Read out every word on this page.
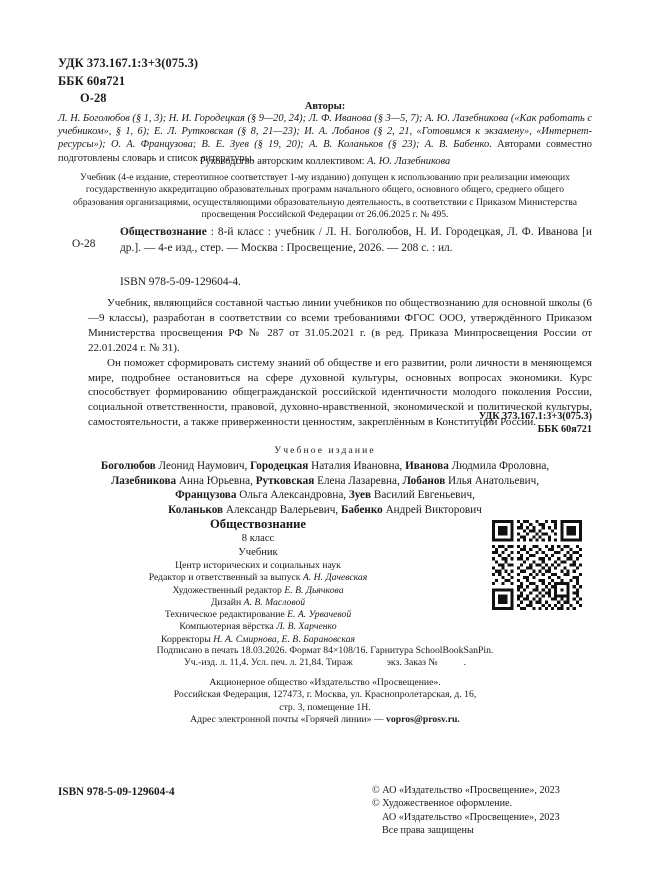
УДК 373.167.1:3+3(075.3)
ББК 60я721
О-28
Авторы:
Л. Н. Боголюбов (§ 1, 3); Н. И. Городецкая (§ 9—20, 24); Л. Ф. Иванова (§ 3—5, 7); А. Ю. Лазебникова («Как работать с учебником», § 1, 6); Е. Л. Рутковская (§ 8, 21—23); И. А. Лобанов (§ 2, 21, «Готовимся к экзамену», «Интернет-ресурсы»); О. А. Французова; В. Е. Зуев (§ 19, 20); А. В. Коланьков (§ 23); А. В. Бабенко. Авторами совместно подготовлены словарь и список литературы.
Руководство авторским коллективом: А. Ю. Лазебникова
Учебник (4-е издание, стереотипное соответствует 1-му изданию) допущен к использованию при реализации имеющих государственную аккредитацию образовательных программ начального общего, основного общего, среднего общего образования организациями, осуществляющими образовательную деятельность, в соответствии с Приказом Министерства просвещения Российской Федерации от 26.06.2025 г. № 495.
О-28
Обществознание : 8-й класс : учебник / Л. Н. Боголюбов, Н. И. Городецкая, Л. Ф. Иванова [и др.]. — 4-е изд., стер. — Москва : Просвещение, 2026. — 208 с. : ил.
ISBN 978-5-09-129604-4.

Учебник, являющийся составной частью линии учебников по обществознанию для основной школы (6—9 классы), разработан в соответствии со всеми требованиями ФГОС ООО, утверждённого Приказом Министерства просвещения РФ № 287 от 31.05.2021 г. (в ред. Приказа Минпросвещения России от 22.01.2024 г. № 31).

Он поможет сформировать систему знаний об обществе и его развитии, роли личности в меняющемся мире, подробнее остановиться на сфере духовной культуры, основных вопросах экономики. Курс способствует формированию общегражданской российской идентичности молодого поколения России, социальной ответственности, правовой, духовно-нравственной, экономической и политической культуры, самостоятельности, а также приверженности ценностям, закреплённым в Конституции России.

УДК 373.167.1:3+3(075.3)
ББК 60я721
Учебное издание
Боголюбов Леонид Наумович, Городецкая Наталия Ивановна, Иванова Людмила Фроловна,
Лазебникова Анна Юрьевна, Рутковская Елена Лазаревна, Лобанов Илья Анатольевич,
Французова Ольга Александровна, Зуев Василий Евгеньевич,
Коланьков Александр Валерьевич, Бабенко Андрей Викторович
Обществознание
8 класс
Учебник
Центр исторических и социальных наук
Редактор и ответственный за выпуск А. Н. Дачевская
Художественный редактор Е. В. Дьячкова
Дизайн А. В. Масловой
Техническое редактирование Е. А. Урвачевой
Компьютерная вёрстка Л. В. Харченко
Корректоры Н. А. Смирнова, Е. В. Барановская
Подписано в печать 18.03.2026. Формат 84×108/16. Гарнитура SchoolBookSanPin.
Уч.-изд. л. 11,4. Усл. печ. л. 21,84. Тираж	экз. Заказ №	.
Акционерное общество «Издательство «Просвещение».
Российская Федерация, 127473, г. Москва, ул. Краснопролетарская, д. 16,
стр. 3, помещение 1Н.
Адрес электронной почты «Горячей линии» — vopros@prosv.ru.
ISBN 978-5-09-129604-4	© АО «Издательство «Просвещение», 2023
© Художественное оформление.
АО «Издательство «Просвещение», 2023
Все права защищены
